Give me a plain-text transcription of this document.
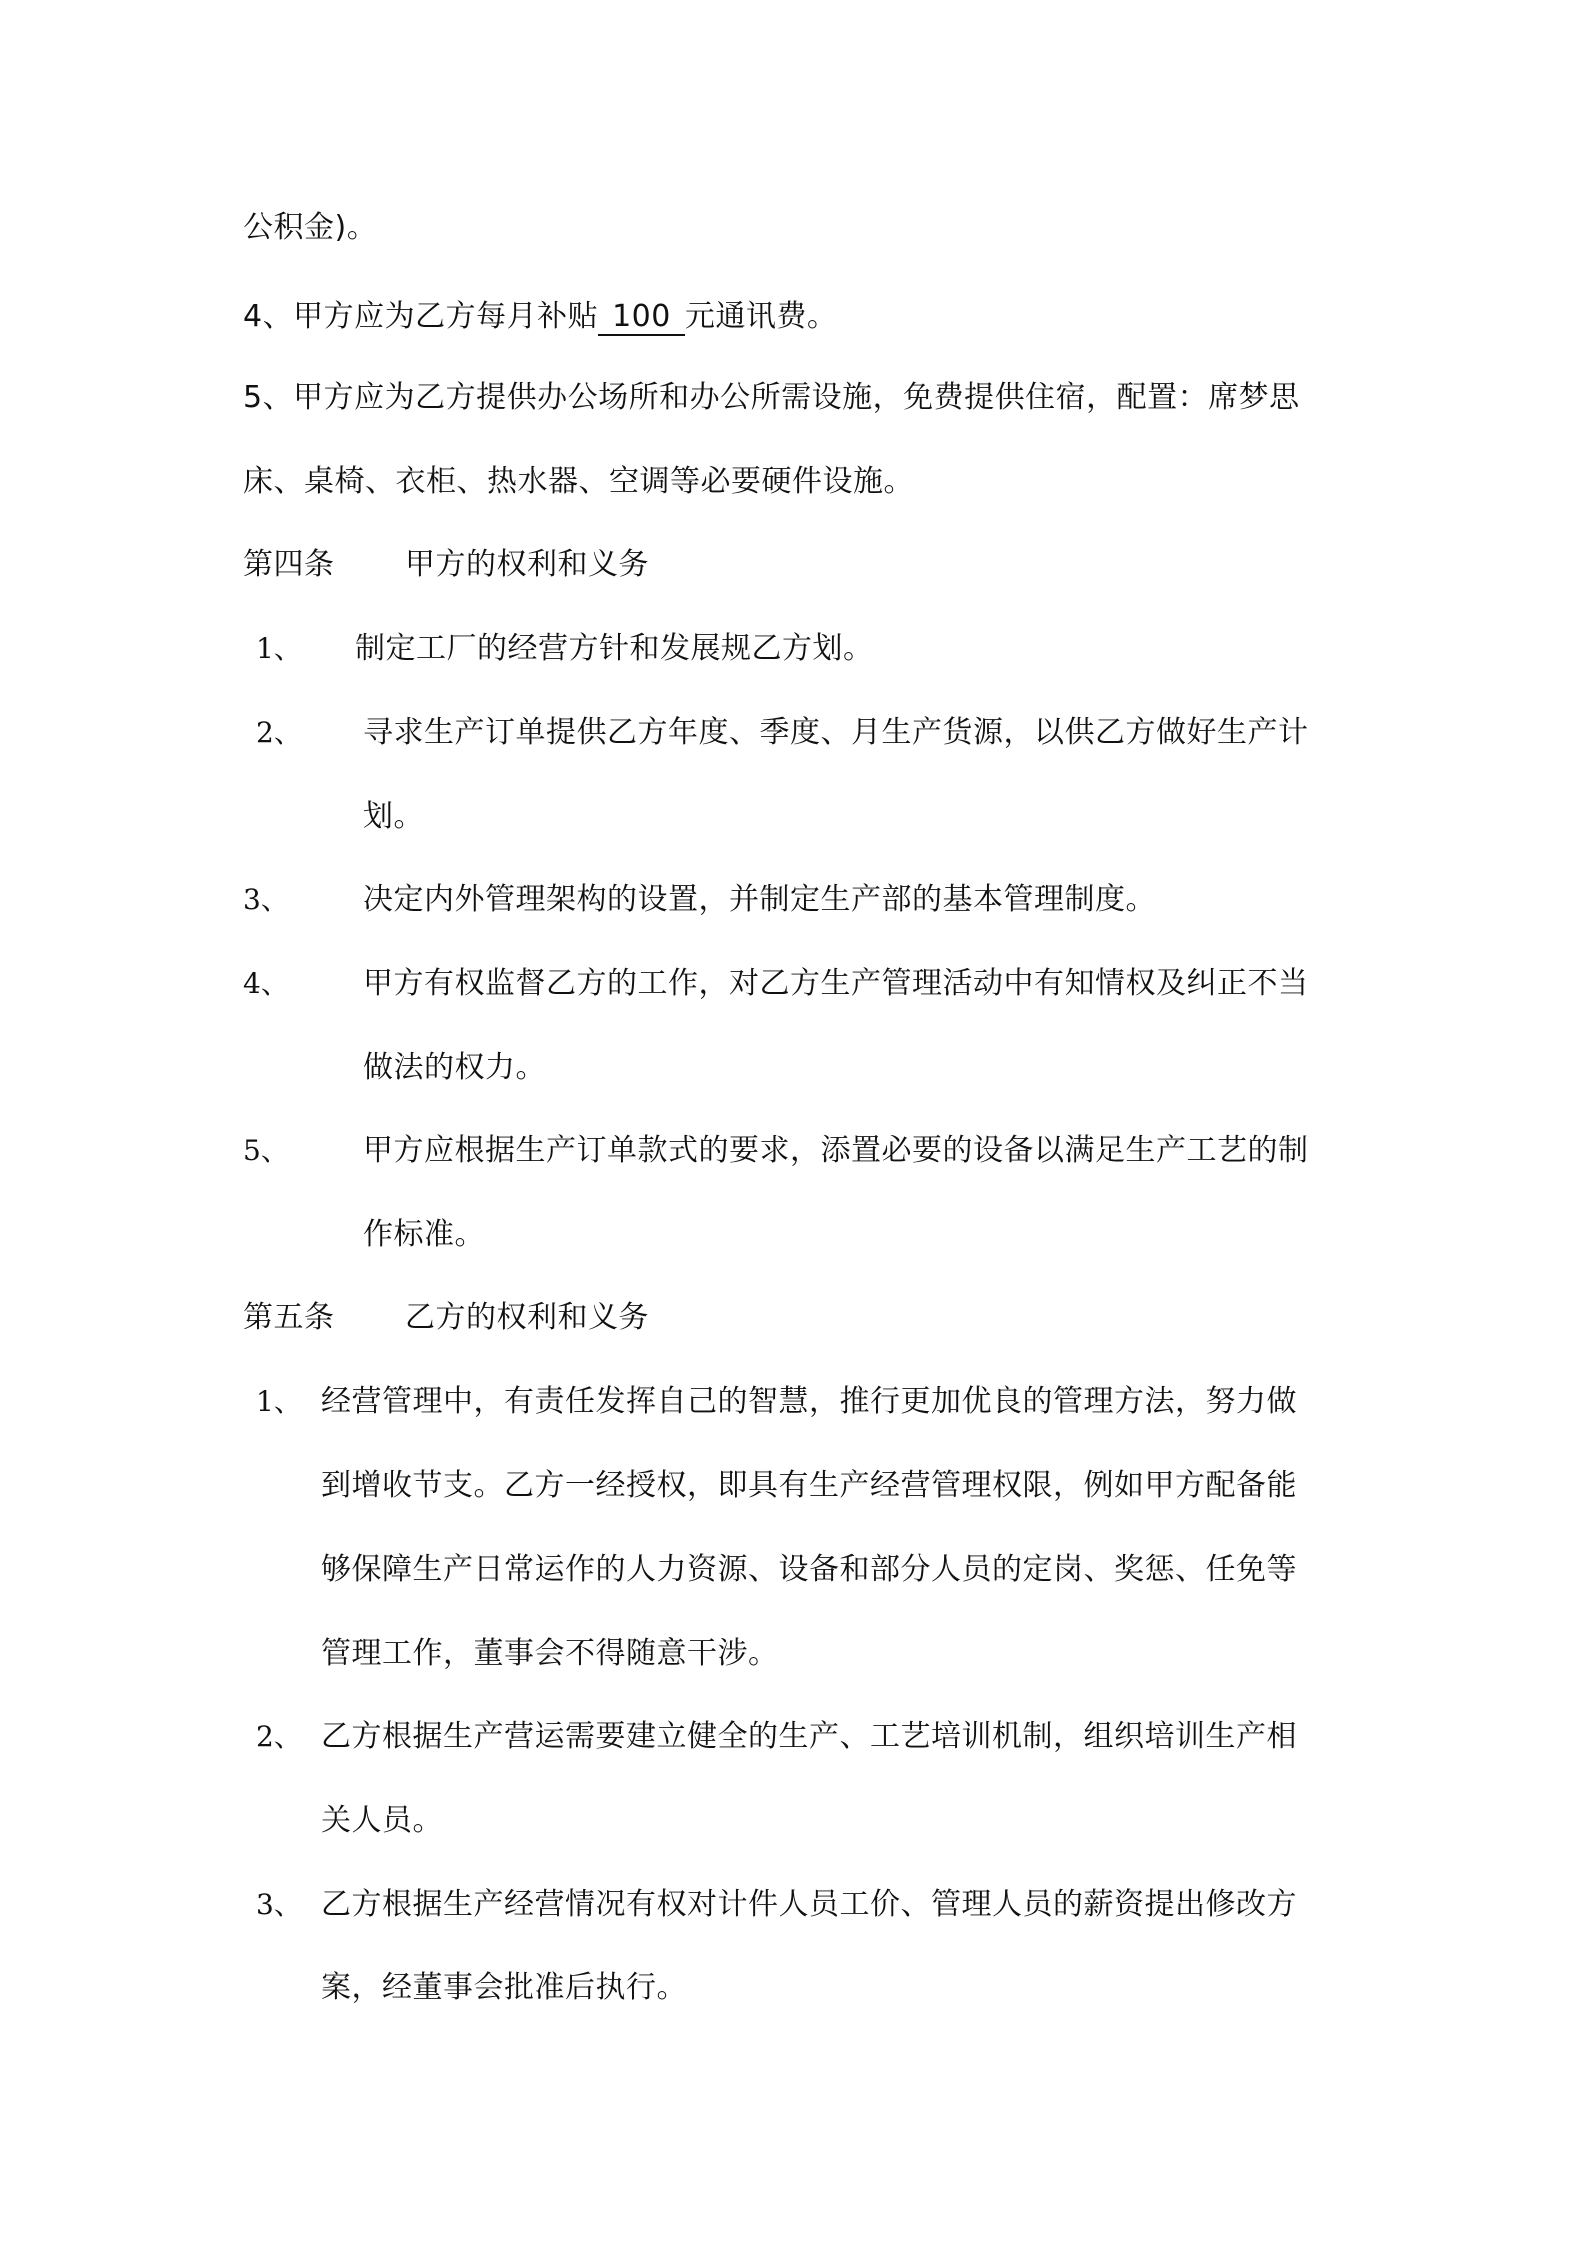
公积金)。
4、甲方应为乙方每月补贴 100 元通讯费。
5、甲方应为乙方提供办公场所和办公所需设施，免费提供住宿，配置：席梦思
床、桌椅、衣柜、热水器、空调等必要硬件设施。
第四条 甲方的权利和义务
1、 制定工厂的经营方针和发展规乙方划。
2、 寻求生产订单提供乙方年度、季度、月生产货源，以供乙方做好生产计
划。
3、 决定内外管理架构的设置，并制定生产部的基本管理制度。
4、 甲方有权监督乙方的工作，对乙方生产管理活动中有知情权及纠正不当
做法的权力。
5、 甲方应根据生产订单款式的要求，添置必要的设备以满足生产工艺的制
作标准。
第五条 乙方的权利和义务
1、 经营管理中，有责任发挥自己的智慧，推行更加优良的管理方法，努力做
到增收节支。乙方一经授权，即具有生产经营管理权限，例如甲方配备能
够保障生产日常运作的人力资源、设备和部分人员的定岗、奖惩、任免等
管理工作，董事会不得随意干涉。
2、 乙方根据生产营运需要建立健全的生产、工艺培训机制，组织培训生产相
关人员。
3、 乙方根据生产经营情况有权对计件人员工价、管理人员的薪资提出修改方
案，经董事会批准后执行。
